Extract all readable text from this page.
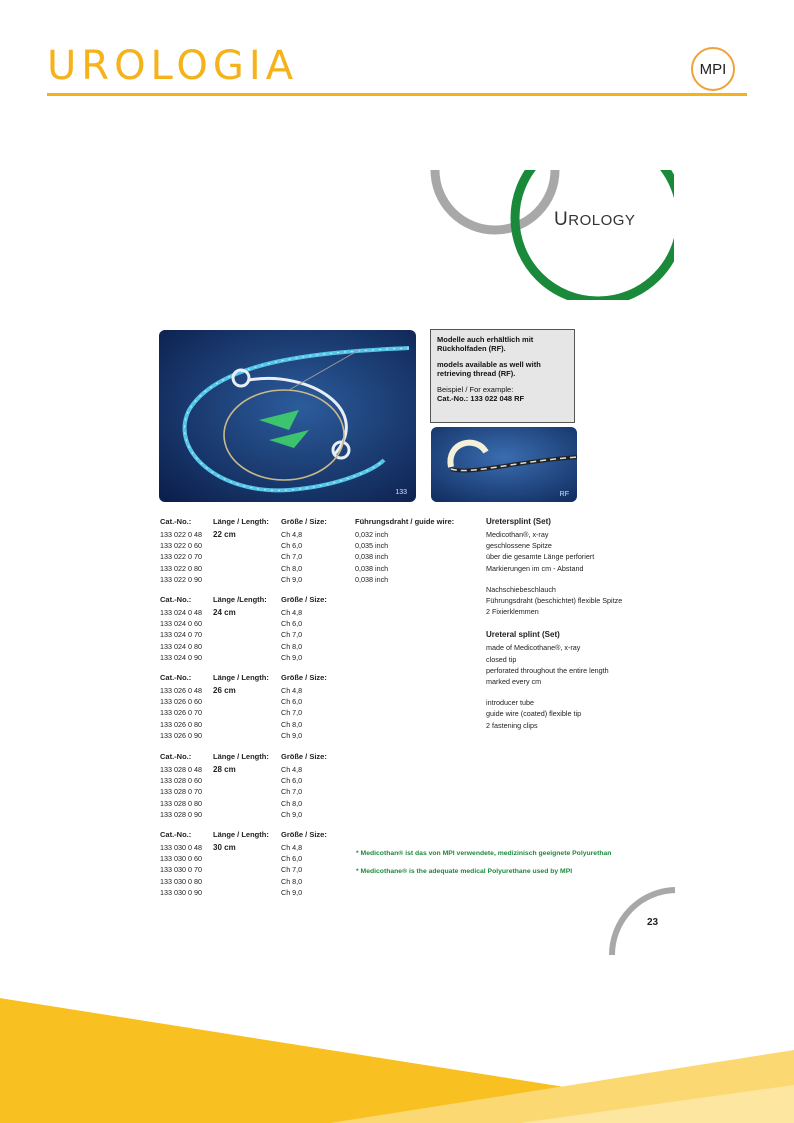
UROLOGIA	MPI
UROLOGY
133

Modelle auch erhältlich mit Rückholfaden (RF).

models available as well with retrieving thread (RF).

Beispiel / For example:
Cat.-No.: 133 022 048 RF
RF
Cat.-No.:	Länge / Length: Größe / Size:	Führungsdraht / guide wire:
133 022 0 48 22 cm	Ch 4,8	0,032 inch
133 022 0 60	Ch 6,0	0,035 inch
133 022 0 70	Ch 7,0	0,038 inch
133 022 0 80	Ch 8,0	0,038 inch
133 022 0 90	Ch 9,0	0,038 inch
Cat.-No.:	Länge /Length: Größe / Size:
133 024 0 48 24 cm	Ch 4,8
133 024 0 60	Ch 6,0
133 024 0 70	Ch 7,0
133 024 0 80	Ch 8,0
133 024 0 90	Ch 9,0
Cat.-No.:	Länge / Length: Größe / Size:
133 026 0 48 26 cm	Ch 4,8
133 026 0 60	Ch 6,0
133 026 0 70	Ch 7,0
133 026 0 80	Ch 8,0
133 026 0 90	Ch 9,0
Cat.-No.:	Länge / Length: Größe / Size:
133 028 0 48 28 cm	Ch 4,8
133 028 0 60	Ch 6,0
133 028 0 70	Ch 7,0
133 028 0 80	Ch 8,0
133 028 0 90	Ch 9,0
Cat.-No.:	Länge / Length: Größe / Size:
133 030 0 48 30 cm	Ch 4,8
133 030 0 60	Ch 6,0
133 030 0 70	Ch 7,0
133 030 0 80	Ch 8,0
133 030 0 90	Ch 9,0
Uretersplint (Set)
Medicothan®, x-ray
geschlossene Spitze
über die gesamte Länge perforiert
Markierungen im cm - Abstand
Nachschiebeschlauch
Führungsdraht (beschichtet) flexible Spitze
2 Fixierklemmen
Ureteral splint (Set)
made of Medicothane®, x-ray
closed tip
perforated throughout the entire length
marked every cm
introducer tube
guide wire (coated) flexible tip
2 fastening clips
* Medicothan® ist das von MPI verwendete, medizinisch geeignete Polyurethan
* Medicothane® is the adequate medical Polyurethane used by MPI
23
